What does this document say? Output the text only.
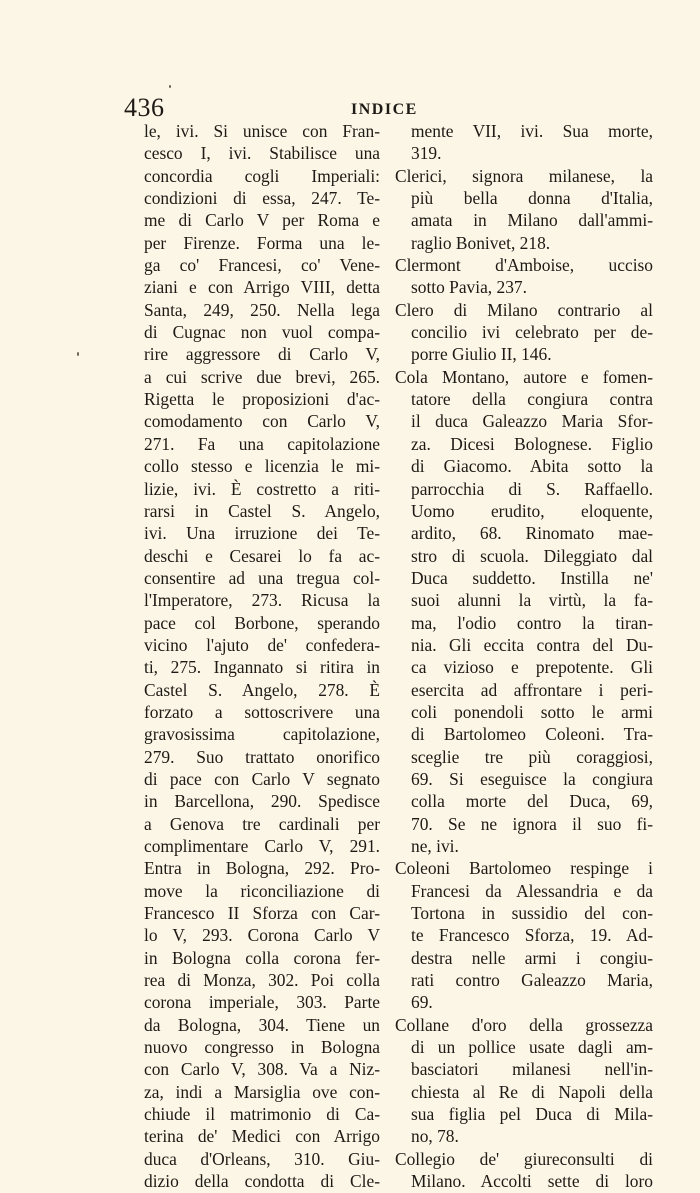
436	INDICE
le, ivi. Si unisce con Fran-
cesco I, ivi. Stabilisce una
concordia cogli Imperiali:
condizioni di essa, 247. Te-
me di Carlo V per Roma e
per Firenze. Forma una le-
ga co' Francesi, co' Vene-
ziani e con Arrigo VIII, detta
Santa, 249, 250. Nella lega
di Cugnac non vuol compa-
rire aggressore di Carlo V,
a cui scrive due brevi, 265.
Rigetta le proposizioni d'ac-
comodamento con Carlo V,
271. Fa una capitolazione
collo stesso e licenzia le mi-
lizie, ivi. È costretto a riti-
rarsi in Castel S. Angelo,
ivi. Una irruzione dei Te-
deschi e Cesarei lo fa ac-
consentire ad una tregua col-
l'Imperatore, 273. Ricusa la
pace col Borbone, sperando
vicino l'ajuto de' confedera-
ti, 275. Ingannato si ritira in
Castel S. Angelo, 278. È
forzato a sottoscrivere una
gravosissima capitolazione,
279. Suo trattato onorifico
di pace con Carlo V segnato
in Barcellona, 290. Spedisce
a Genova tre cardinali per
complimentare Carlo V, 291.
Entra in Bologna, 292. Pro-
move la riconciliazione di
Francesco II Sforza con Car-
lo V, 293. Corona Carlo V
in Bologna colla corona fer-
rea di Monza, 302. Poi colla
corona imperiale, 303. Parte
da Bologna, 304. Tiene un
nuovo congresso in Bologna
con Carlo V, 308. Va a Niz-
za, indi a Marsiglia ove con-
chiude il matrimonio di Ca-
terina de' Medici con Arrigo
duca d'Orleans, 310. Giu-
dizio della condotta di Cle-
mente VII, ivi. Sua morte,
319.
Clerici, signora milanese, la
più bella donna d'Italia,
amata in Milano dall'ammi-
raglio Bonivet, 218.
Clermont d'Amboise, ucciso
sotto Pavia, 237.
Clero di Milano contrario al
concilio ivi celebrato per de-
porre Giulio II, 146.
Cola Montano, autore e fomen-
tatore della congiura contra
il duca Galeazzo Maria Sfor-
za. Dicesi Bolognese. Figlio
di Giacomo. Abita sotto la
parrocchia di S. Raffaello.
Uomo erudito, eloquente,
ardito, 68. Rinomato mae-
stro di scuola. Dileggiato dal
Duca suddetto. Instilla ne'
suoi alunni la virtù, la fa-
ma, l'odio contro la tiran-
nia. Gli eccita contra del Du-
ca vizioso e prepotente. Gli
esercita ad affrontare i peri-
coli ponendoli sotto le armi
di Bartolomeo Coleoni. Tra-
sceglie tre più coraggiosi,
69. Si eseguisce la congiura
colla morte del Duca, 69,
70. Se ne ignora il suo fi-
ne, ivi.
Coleoni Bartolomeo respinge i
Francesi da Alessandria e da
Tortona in sussidio del con-
te Francesco Sforza, 19. Ad-
destra nelle armi i congiu-
rati contro Galeazzo Maria,
69.
Collane d'oro della grossezza
di un pollice usate dagli am-
basciatori milanesi nell'in-
chiesta al Re di Napoli della
sua figlia pel Duca di Mila-
no, 78.
Collegio de' giureconsulti di
Milano. Accolti sette di loro
